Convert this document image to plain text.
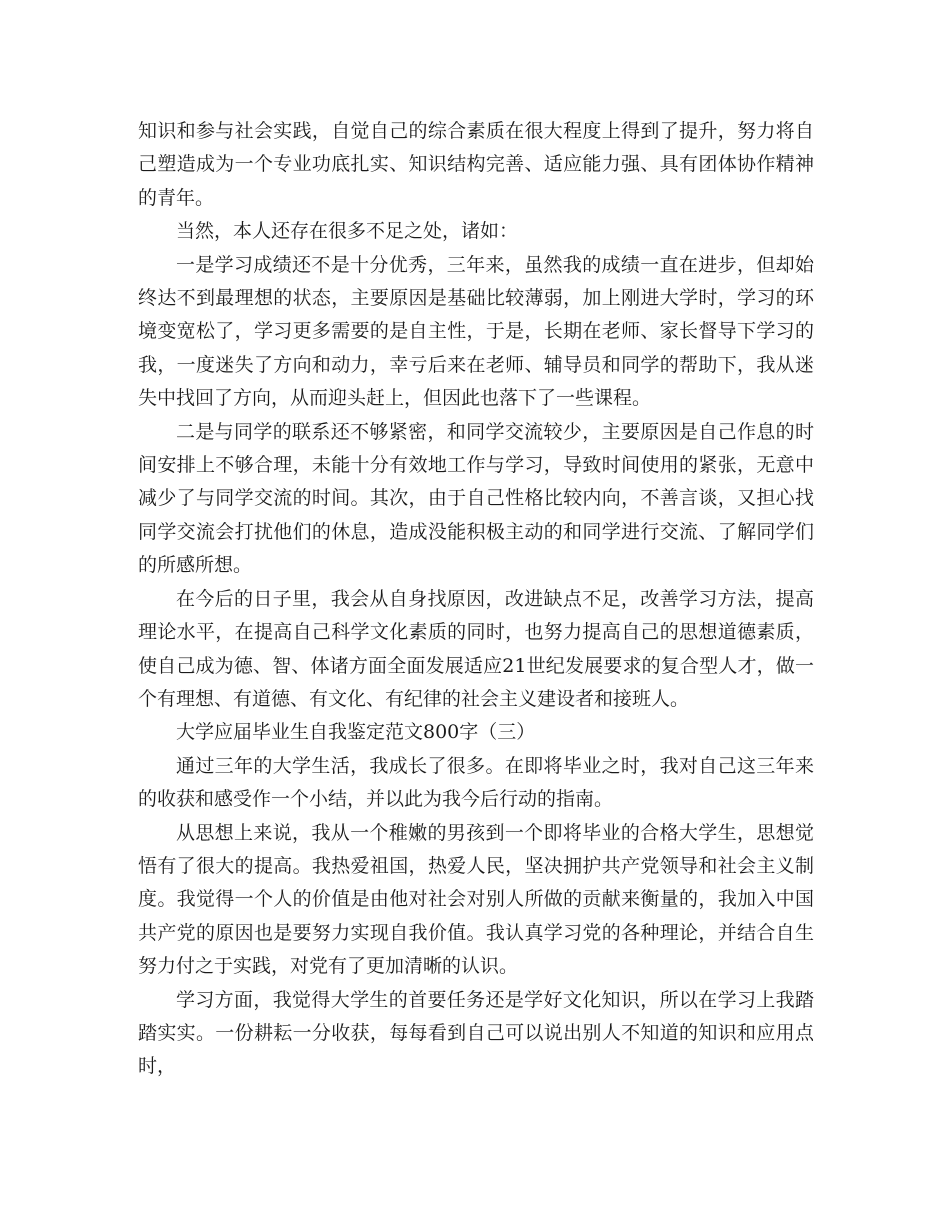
知识和参与社会实践，自觉自己的综合素质在很大程度上得到了提升，努力将自己塑造成为一个专业功底扎实、知识结构完善、适应能力强、具有团体协作精神的青年。

当然，本人还存在很多不足之处，诸如：

一是学习成绩还不是十分优秀，三年来，虽然我的成绩一直在进步，但却始终达不到最理想的状态，主要原因是基础比较薄弱，加上刚进大学时，学习的环境变宽松了，学习更多需要的是自主性，于是，长期在老师、家长督导下学习的我，一度迷失了方向和动力，幸亏后来在老师、辅导员和同学的帮助下，我从迷失中找回了方向，从而迎头赶上，但因此也落下了一些课程。

二是与同学的联系还不够紧密，和同学交流较少，主要原因是自己作息的时间安排上不够合理，未能十分有效地工作与学习，导致时间使用的紧张，无意中减少了与同学交流的时间。其次，由于自己性格比较内向，不善言谈，又担心找同学交流会打扰他们的休息，造成没能积极主动的和同学进行交流、了解同学们的所感所想。

在今后的日子里，我会从自身找原因，改进缺点不足，改善学习方法，提高理论水平，在提高自己科学文化素质的同时，也努力提高自己的思想道德素质，使自己成为德、智、体诸方面全面发展适应21世纪发展要求的复合型人才，做一个有理想、有道德、有文化、有纪律的社会主义建设者和接班人。

大学应届毕业生自我鉴定范文800字（三）

通过三年的大学生活，我成长了很多。在即将毕业之时，我对自己这三年来的收获和感受作一个小结，并以此为我今后行动的指南。

从思想上来说，我从一个稚嫩的男孩到一个即将毕业的合格大学生，思想觉悟有了很大的提高。我热爱祖国，热爱人民，坚决拥护共产党领导和社会主义制度。我觉得一个人的价值是由他对社会对别人所做的贡献来衡量的，我加入中国共产党的原因也是要努力实现自我价值。我认真学习党的各种理论，并结合自生努力付之于实践，对党有了更加清晰的认识。

学习方面，我觉得大学生的首要任务还是学好文化知识，所以在学习上我踏踏实实。一份耕耘一分收获，每每看到自己可以说出别人不知道的知识和应用点时，
